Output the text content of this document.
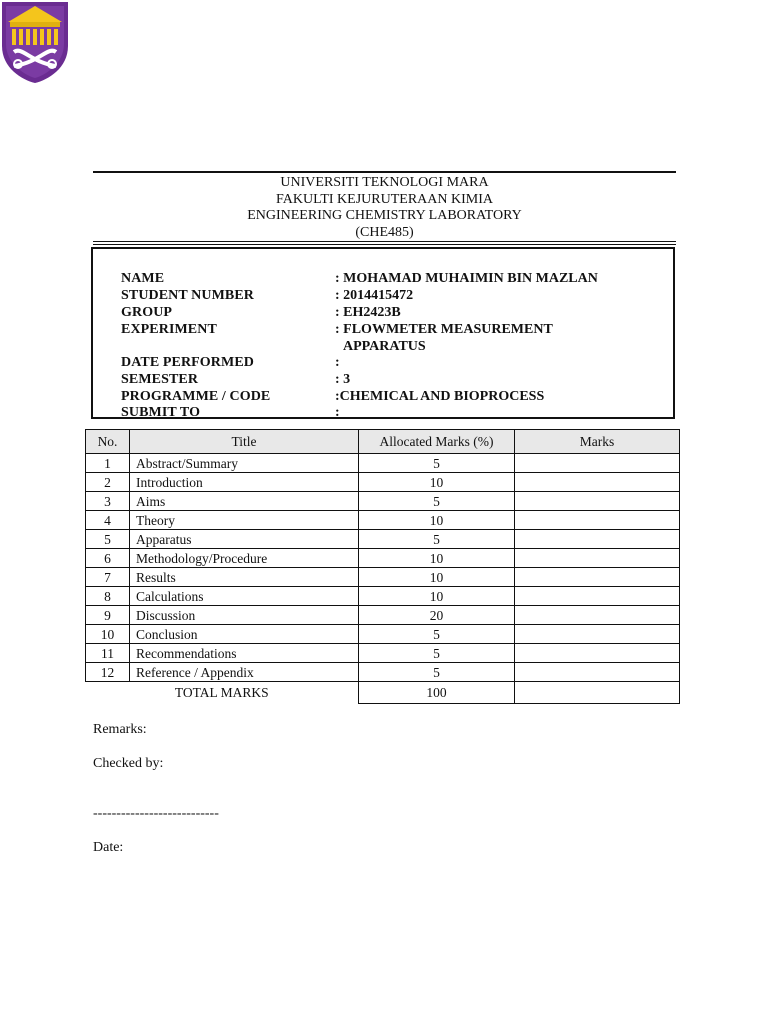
UNIVERSITI TEKNOLOGI MARA
FAKULTI KEJURUTERAAN KIMIA
ENGINEERING CHEMISTRY LABORATORY
(CHE485)
NAME	: MOHAMAD MUHAIMIN BIN MAZLAN
STUDENT NUMBER	: 2014415472
GROUP	: EH2423B
EXPERIMENT	: FLOWMETER MEASUREMENT
APPARATUS
DATE PERFORMED	:
SEMESTER	: 3
PROGRAMME / CODE	:CHEMICAL AND BIOPROCESS
SUBMIT TO	:
No.	Title	Allocated Marks (%)	Marks
1	Abstract/Summary	5	
2	Introduction	10	
3	Aims	5	
4	Theory	10	
5	Apparatus	5	
6	Methodology/Procedure	10	
7	Results	10	
8	Calculations	10	
9	Discussion	20	
10	Conclusion	5	
11	Recommendations	5	
12	Reference / Appendix	5	
TOTAL MARKS		100	
Remarks:
Checked by:
---------------------------
Date:
